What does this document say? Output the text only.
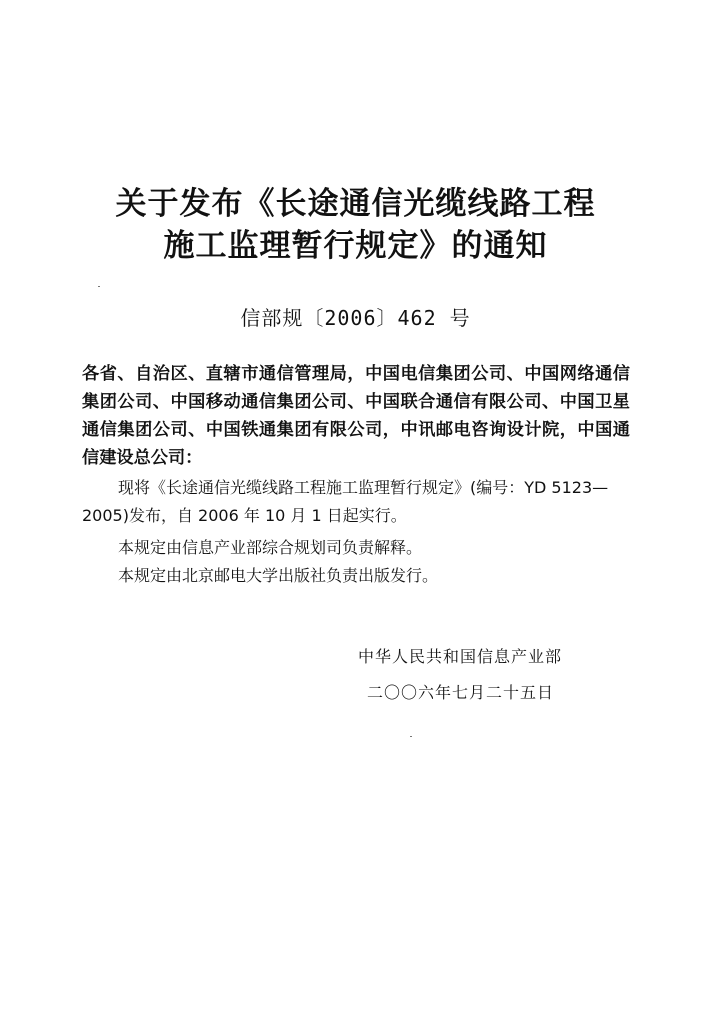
关于发布《长途通信光缆线路工程
施工监理暂行规定》的通知
信部规〔2006〕462 号

各省、自治区、直辖市通信管理局，中国电信集团公司、中国网络通信集团公司、中国移动通信集团公司、中国联合通信有限公司、中国卫星通信集团公司、中国铁通集团有限公司，中讯邮电咨询设计院，中国通信建设总公司：

现将《长途通信光缆线路工程施工监理暂行规定》(编号：YD 5123—2005)发布，自 2006 年 10 月 1 日起实行。

本规定由信息产业部综合规划司负责解释。

本规定由北京邮电大学出版社负责出版发行。

中华人民共和国信息产业部
二〇〇六年七月二十五日
